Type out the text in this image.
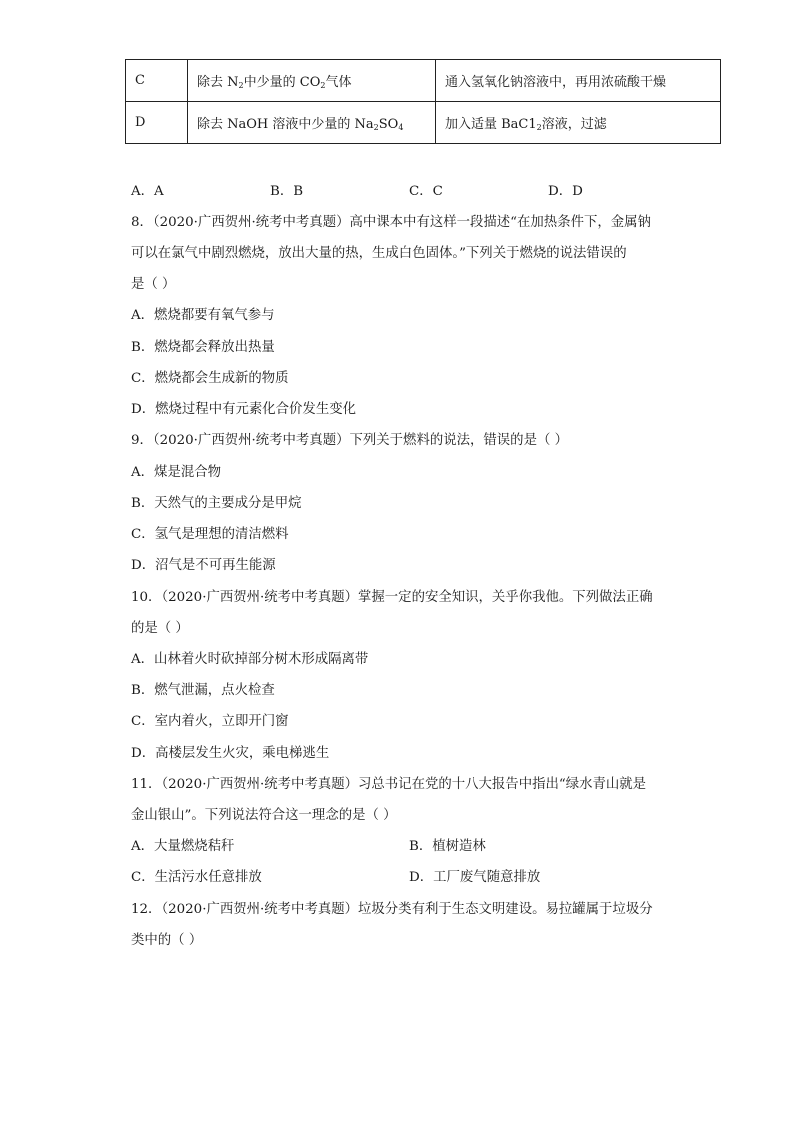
C	除去 $N_2$中少量的 $CO_2$气体	通入氢氧化钠溶液中，再用浓硫酸干燥
D	除去 NaOH 溶液中少量的 $Na_2SO_4$	加入适量 $BaC1_2$溶液，过滤
A．A	B．B	C．C	D．D
8．（2020·广西贺州·统考中考真题）高中课本中有这样一段描述“在加热条件下，金属钠
可以在氯气中剧烈燃烧，放出大量的热，生成白色固体。”下列关于燃烧的说法错误的
是（ ）
A．燃烧都要有氧气参与
B．燃烧都会释放出热量
C．燃烧都会生成新的物质
D．燃烧过程中有元素化合价发生变化
9．（2020·广西贺州·统考中考真题）下列关于燃料的说法，错误的是（ ）
A．煤是混合物
B．天然气的主要成分是甲烷
C．氢气是理想的清洁燃料
D．沼气是不可再生能源
10．（2020·广西贺州·统考中考真题）掌握一定的安全知识，关乎你我他。下列做法正确
的是（ ）
A．山林着火时砍掉部分树木形成隔离带
B．燃气泄漏，点火检查
C．室内着火，立即开门窗
D．高楼层发生火灾，乘电梯逃生
11．（2020·广西贺州·统考中考真题）习总书记在党的十八大报告中指出“绿水青山就是
金山银山”。下列说法符合这一理念的是（ ）
A．大量燃烧秸秆	B．植树造林
C．生活污水任意排放	D．工厂废气随意排放
12．（2020·广西贺州·统考中考真题）垃圾分类有利于生态文明建设。易拉罐属于垃圾分
类中的（ ）
